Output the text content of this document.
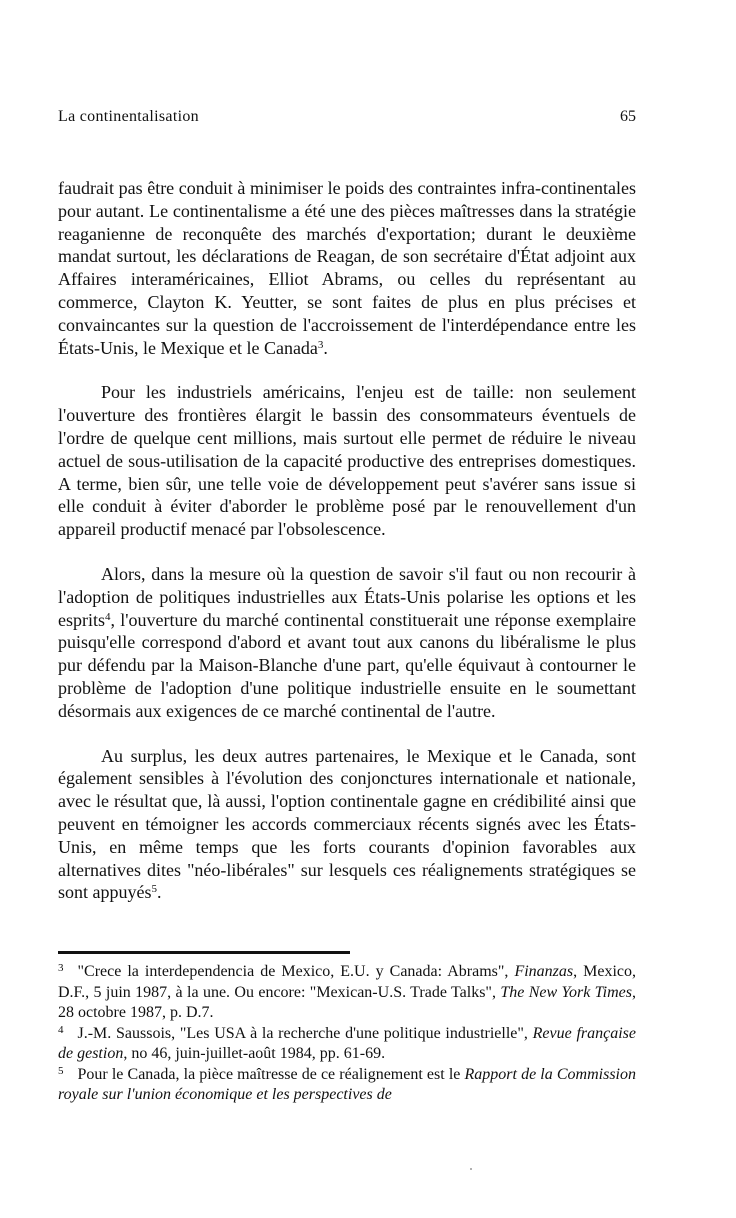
La continentalisation	65

faudrait pas être conduit à minimiser le poids des contraintes infra-continentales pour autant. Le continentalisme a été une des pièces maîtresses dans la stratégie reaganienne de reconquête des marchés d'exportation; durant le deuxième mandat surtout, les déclarations de Reagan, de son secrétaire d'État adjoint aux Affaires interaméricaines, Elliot Abrams, ou celles du représentant au commerce, Clayton K. Yeutter, se sont faites de plus en plus précises et convaincantes sur la question de l'accroissement de l'interdépendance entre les États-Unis, le Mexique et le Canada$^3$.

Pour les industriels américains, l'enjeu est de taille: non seulement l'ouverture des frontières élargit le bassin des consommateurs éventuels de l'ordre de quelque cent millions, mais surtout elle permet de réduire le niveau actuel de sous-utilisation de la capacité productive des entreprises domestiques. A terme, bien sûr, une telle voie de développement peut s'avérer sans issue si elle conduit à éviter d'aborder le problème posé par le renouvellement d'un appareil productif menacé par l'obsolescence.

Alors, dans la mesure où la question de savoir s'il faut ou non recourir à l'adoption de politiques industrielles aux États-Unis polarise les options et les esprits$^4$, l'ouverture du marché continental constituerait une réponse exemplaire puisqu'elle correspond d'abord et avant tout aux canons du libéralisme le plus pur défendu par la Maison-Blanche d'une part, qu'elle équivaut à contourner le problème de l'adoption d'une politique industrielle ensuite en le soumettant désormais aux exigences de ce marché continental de l'autre.

Au surplus, les deux autres partenaires, le Mexique et le Canada, sont également sensibles à l'évolution des conjonctures internationale et nationale, avec le résultat que, là aussi, l'option continentale gagne en crédibilité ainsi que peuvent en témoigner les accords commerciaux récents signés avec les États-Unis, en même temps que les forts courants d'opinion favorables aux alternatives dites "néo-libérales" sur lesquels ces réalignements stratégiques se sont appuyés$^5$.

$^3$ "Crece la interdependencia de Mexico, E.U. y Canada: Abrams", Finanzas, Mexico, D.F., 5 juin 1987, à la une. Ou encore: "Mexican-U.S. Trade Talks", The New York Times, 28 octobre 1987, p. D.7.

$^4$ J.-M. Saussois, "Les USA à la recherche d'une politique industrielle", Revue française de gestion, no 46, juin-juillet-août 1984, pp. 61-69.

$^5$ Pour le Canada, la pièce maîtresse de ce réalignement est le Rapport de la Commission royale sur l'union économique et les perspectives de
